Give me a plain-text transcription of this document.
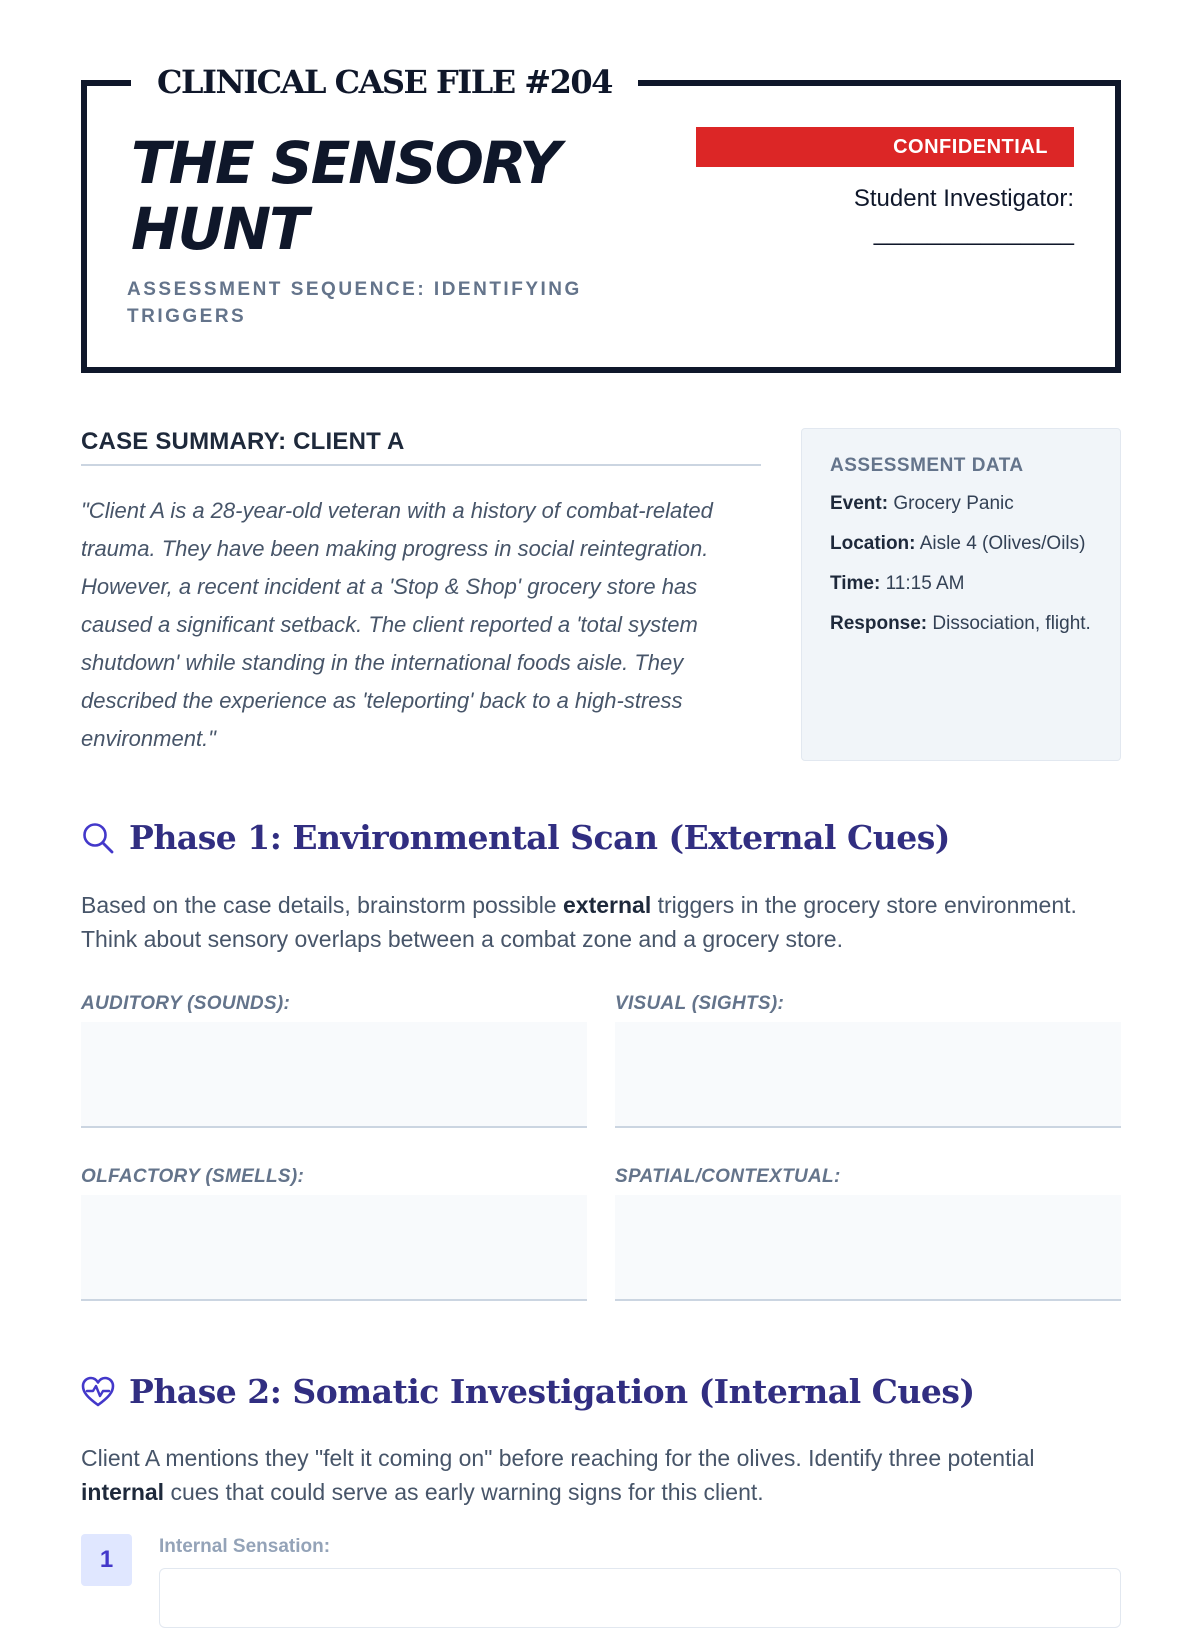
CLINICAL CASE FILE #204
THE SENSORY HUNT
ASSESSMENT SEQUENCE: IDENTIFYING TRIGGERS
CONFIDENTIAL
Student Investigator:
_______________
CASE SUMMARY: CLIENT A
"Client A is a 28-year-old veteran with a history of combat-related trauma. They have been making progress in social reintegration. However, a recent incident at a 'Stop & Shop' grocery store has caused a significant setback. The client reported a 'total system shutdown' while standing in the international foods aisle. They described the experience as 'teleporting' back to a high-stress environment."
ASSESSMENT DATA
Event: Grocery Panic
Location: Aisle 4 (Olives/Oils)
Time: 11:15 AM
Response: Dissociation, flight.
Phase 1: Environmental Scan (External Cues)
Based on the case details, brainstorm possible external triggers in the grocery store environment. Think about sensory overlaps between a combat zone and a grocery store.
AUDITORY (SOUNDS):	VISUAL (SIGHTS):
OLFACTORY (SMELLS):	SPATIAL/CONTEXTUAL:
Phase 2: Somatic Investigation (Internal Cues)
Client A mentions they "felt it coming on" before reaching for the olives. Identify three potential internal cues that could serve as early warning signs for this client.
1	Internal Sensation:
